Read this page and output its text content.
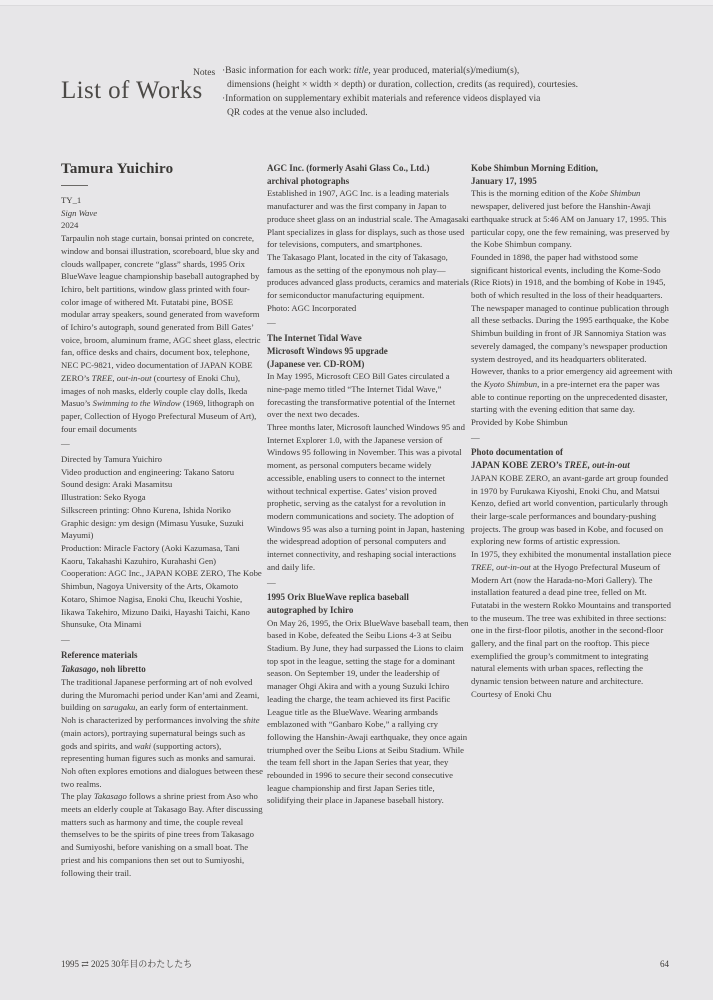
List of Works
Notes ·Basic information for each work: title, year produced, material(s)/medium(s),
dimensions (height × width × depth) or duration, collection, credits (as required), courtesies.
·Information on supplementary exhibit materials and reference videos displayed via
QR codes at the venue also included.
Tamura Yuichiro
TY_1
Sign Wave
2024
Tarpaulin noh stage curtain, bonsai printed on concrete, window and bonsai illustration, scoreboard, blue sky and clouds wallpaper, concrete “glass” shards, 1995 Orix BlueWave league championship baseball autographed by Ichiro, belt partitions, window glass printed with four-color image of withered Mt. Futatabi pine, BOSE modular array speakers, sound generated from waveform of Ichiro’s autograph, sound generated from Bill Gates’ voice, broom, aluminum frame, AGC sheet glass, electric fan, office desks and chairs, document box, telephone, NEC PC-9821, video documentation of JAPAN KOBE ZERO’s TREE, out-in-out (courtesy of Enoki Chu), images of noh masks, elderly couple clay dolls, Ikeda Masuo’s Swimming to the Window (1969, lithograph on paper, Collection of Hyogo Prefectural Museum of Art), four email documents
—
Directed by Tamura Yuichiro
Video production and engineering: Takano Satoru
Sound design: Araki Masamitsu
Illustration: Seko Ryoga
Silkscreen printing: Ohno Kurena, Ishida Noriko
Graphic design: ym design (Mimasu Yusuke, Suzuki Mayumi)
Production: Miracle Factory (Aoki Kazumasa, Tani Kaoru, Takahashi Kazuhiro, Kurahashi Gen)
Cooperation: AGC Inc., JAPAN KOBE ZERO, The Kobe Shimbun, Nagoya University of the Arts, Okamoto Kotaro, Shimoe Nagisa, Enoki Chu, Ikeuchi Yoshie, Iikawa Takehiro, Mizuno Daiki, Hayashi Taichi, Kano Shunsuke, Ota Minami
—
Reference materials
Takasago, noh libretto
The traditional Japanese performing art of noh evolved during the Muromachi period under Kan’ami and Zeami, building on sarugaku, an early form of entertainment. Noh is characterized by performances involving the shite (main actors), portraying supernatural beings such as gods and spirits, and waki (supporting actors), representing human figures such as monks and samurai. Noh often explores emotions and dialogues between these two realms.
The play Takasago follows a shrine priest from Aso who meets an elderly couple at Takasago Bay. After discussing matters such as harmony and time, the couple reveal themselves to be the spirits of pine trees from Takasago and Sumiyoshi, before vanishing on a small boat. The priest and his companions then set out to Sumiyoshi, following their trail.
AGC Inc. (formerly Asahi Glass Co., Ltd.)
archival photographs
Established in 1907, AGC Inc. is a leading materials manufacturer and was the first company in Japan to produce sheet glass on an industrial scale. The Amagasaki Plant specializes in glass for displays, such as those used for televisions, computers, and smartphones.
The Takasago Plant, located in the city of Takasago, famous as the setting of the eponymous noh play—produces advanced glass products, ceramics and materials for semiconductor manufacturing equipment.
Photo: AGC Incorporated
—
The Internet Tidal Wave
Microsoft Windows 95 upgrade
(Japanese ver. CD-ROM)
In May 1995, Microsoft CEO Bill Gates circulated a nine-page memo titled “The Internet Tidal Wave,” forecasting the transformative potential of the Internet over the next two decades.
Three months later, Microsoft launched Windows 95 and Internet Explorer 1.0, with the Japanese version of Windows 95 following in November. This was a pivotal moment, as personal computers became widely accessible, enabling users to connect to the internet without technical expertise. Gates’ vision proved prophetic, serving as the catalyst for a revolution in modern communications and society. The adoption of Windows 95 was also a turning point in Japan, hastening the widespread adoption of personal computers and internet connectivity, and reshaping social interactions and daily life.
—
1995 Orix BlueWave replica baseball
autographed by Ichiro
On May 26, 1995, the Orix BlueWave baseball team, then based in Kobe, defeated the Seibu Lions 4-3 at Seibu Stadium. By June, they had surpassed the Lions to claim top spot in the league, setting the stage for a dominant season. On September 19, under the leadership of manager Ohgi Akira and with a young Suzuki Ichiro leading the charge, the team achieved its first Pacific League title as the BlueWave. Wearing armbands emblazoned with “Ganbaro Kobe,” a rallying cry following the Hanshin-Awaji earthquake, they once again triumphed over the Seibu Lions at Seibu Stadium. While the team fell short in the Japan Series that year, they rebounded in 1996 to secure their second consecutive league championship and first Japan Series title, solidifying their place in Japanese baseball history.
Kobe Shimbun Morning Edition,
January 17, 1995
This is the morning edition of the Kobe Shimbun newspaper, delivered just before the Hanshin-Awaji earthquake struck at 5:46 AM on January 17, 1995. This particular copy, one the few remaining, was preserved by the Kobe Shimbun company.
Founded in 1898, the paper had withstood some significant historical events, including the Kome-Sodo (Rice Riots) in 1918, and the bombing of Kobe in 1945, both of which resulted in the loss of their headquarters. The newspaper managed to continue publication through all these setbacks. During the 1995 earthquake, the Kobe Shimbun building in front of JR Sannomiya Station was severely damaged, the company’s newspaper production system destroyed, and its headquarters obliterated. However, thanks to a prior emergency aid agreement with the Kyoto Shimbun, in a pre-internet era the paper was able to continue reporting on the unprecedented disaster, starting with the evening edition that same day.
Provided by Kobe Shimbun
—
Photo documentation of
JAPAN KOBE ZERO’s TREE, out-in-out
JAPAN KOBE ZERO, an avant-garde art group founded in 1970 by Furukawa Kiyoshi, Enoki Chu, and Matsui Kenzo, defied art world convention, particularly through their large-scale performances and boundary-pushing projects. The group was based in Kobe, and focused on exploring new forms of artistic expression.
In 1975, they exhibited the monumental installation piece TREE, out-in-out at the Hyogo Prefectural Museum of Modern Art (now the Harada-no-Mori Gallery). The installation featured a dead pine tree, felled on Mt. Futatabi in the western Rokko Mountains and transported to the museum. The tree was exhibited in three sections: one in the first-floor pilotis, another in the second-floor gallery, and the final part on the rooftop. This piece exemplified the group’s commitment to integrating natural elements with urban spaces, reflecting the dynamic tension between nature and architecture.
Courtesy of Enoki Chu
1995 ⇄ 2025 30年目のわたしたち	64
